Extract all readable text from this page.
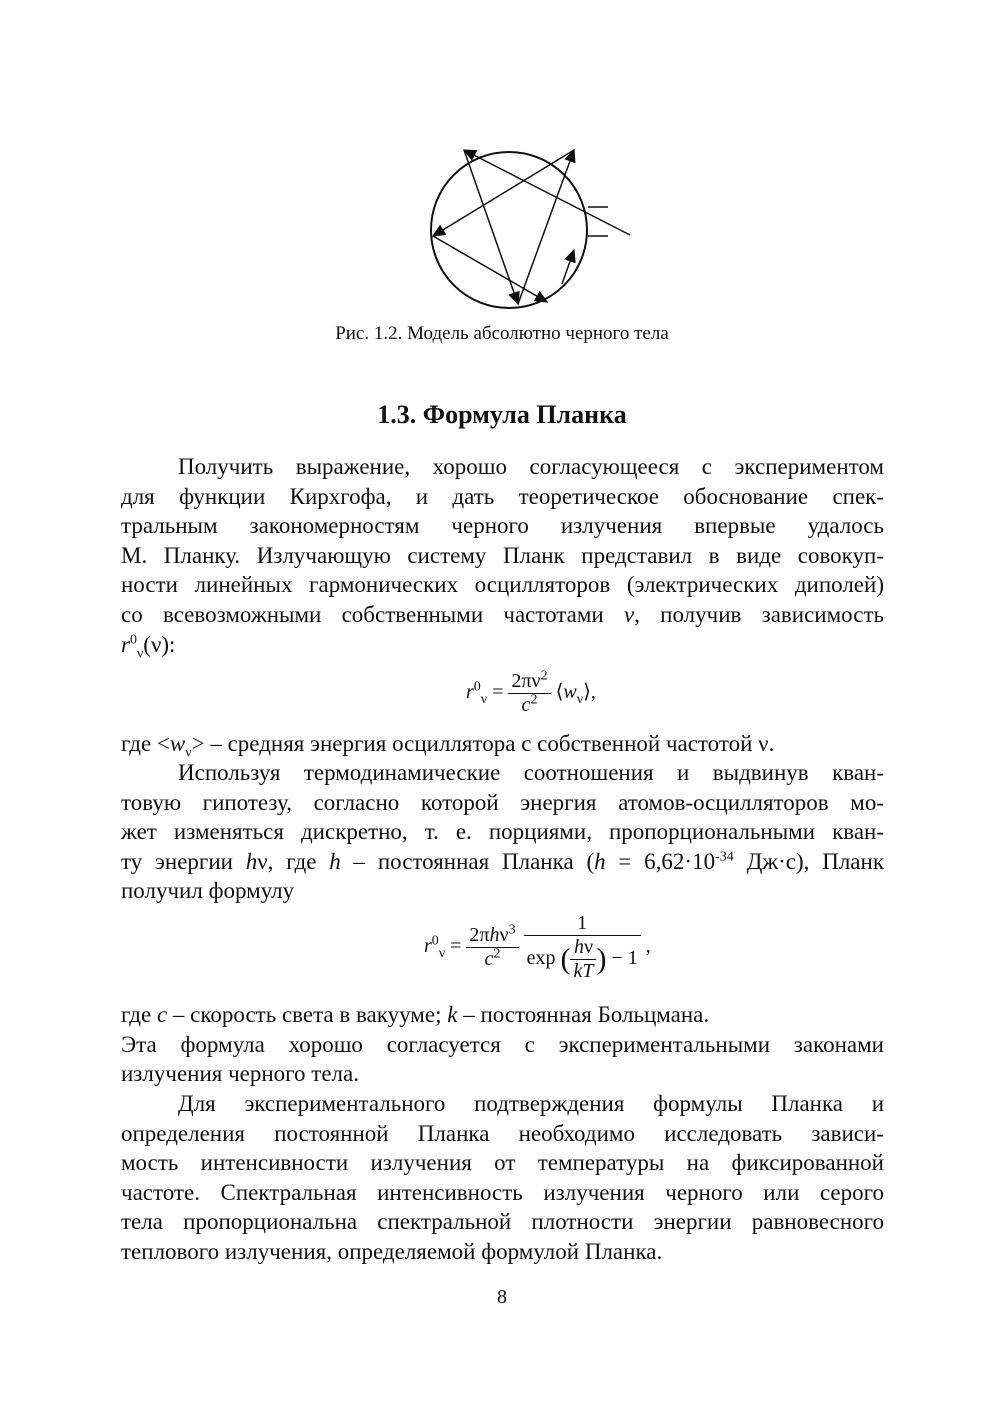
Рис. 1.2. Модель абсолютно черного тела
1.3. Формула Планка
Получить выражение, хорошо согласующееся с экспериментом
для функции Кирхгофа, и дать теоретическое обоснование спек-
тральным закономерностям черного излучения впервые удалось
М. Планку. Излучающую систему Планк представил в виде совокуп-
ности линейных гармонических осцилляторов (электрических диполей)
со всевозможными собственными частотами ν, получив зависимость
$r^0_\nu(\nu)$:
$r^0_\nu = \frac{2\pi\nu^2}{c^2}$ $⟨w_\nu⟩$,
где $<w_\nu>$ – средняя энергия осциллятора с собственной частотой ν.
Используя термодинамические соотношения и выдвинув кван-
товую гипотезу, согласно которой энергия атомов-осцилляторов мо-
жет изменяться дискретно, т. е. порциями, пропорциональными кван-
ту энергии hν, где h – постоянная Планка ($h = 6,62\cdot 10^{-34}$ Дж·с), Планк
получил формулу
$r^0_\nu = \frac{2\pi h\nu^3}{c^2}$
$\frac{1}{\exp ( \frac{h\nu}{kT} ) - 1}$ ,
где c – скорость света в вакууме; k – постоянная Больцмана.
Эта формула хорошо согласуется с экспериментальными законами
излучения черного тела.
Для экспериментального подтверждения формулы Планка и
определения постоянной Планка необходимо исследовать зависи-
мость интенсивности излучения от температуры на фиксированной
частоте. Спектральная интенсивность излучения черного или серого
тела пропорциональна спектральной плотности энергии равновесного
теплового излучения, определяемой формулой Планка.
8
